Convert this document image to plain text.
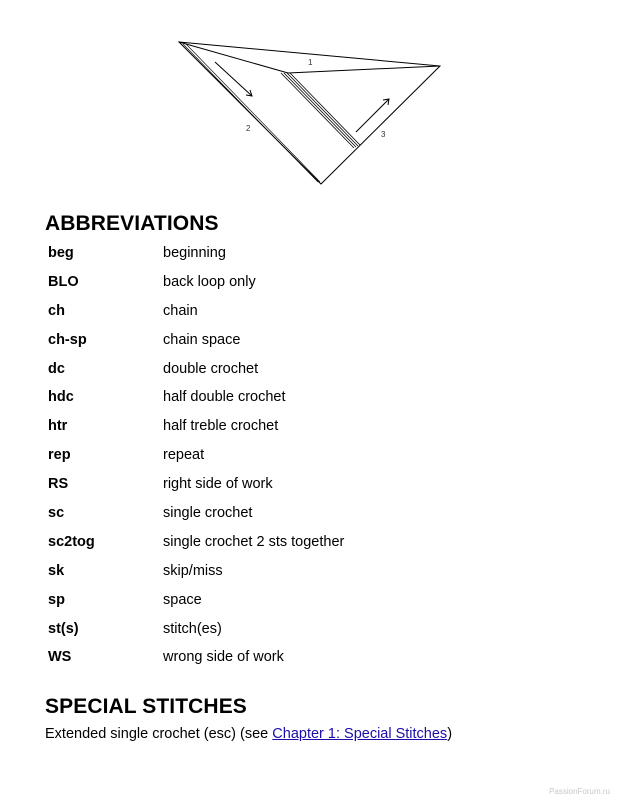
1
2
3
ABBREVIATIONS
beg	beginning
BLO	back loop only
ch	chain
ch-sp	chain space
dc	double crochet
hdc	half double crochet
htr	half treble crochet
rep	repeat
RS	right side of work
sc	single crochet
sc2tog	single crochet 2 sts together
sk	skip/miss
sp	space
st(s)	stitch(es)
WS	wrong side of work
SPECIAL STITCHES
Extended single crochet (esc) (see Chapter 1: Special Stitches)
PassionForum.ru
